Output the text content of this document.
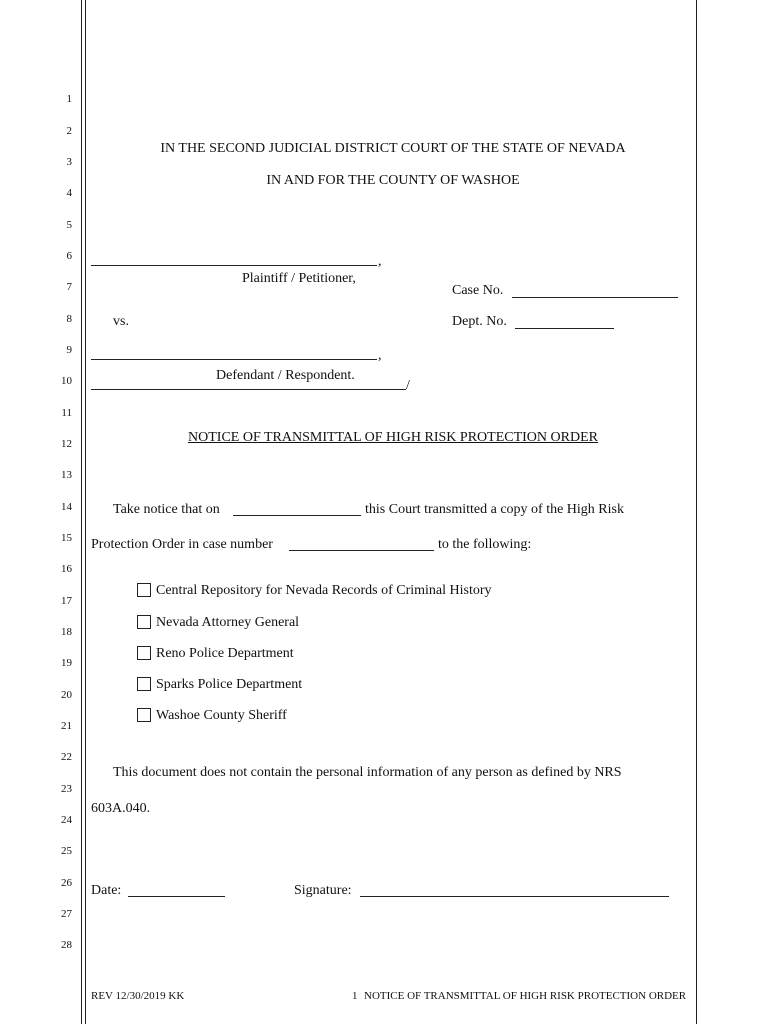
1
2
3
4
5
6
7
8
9
10
11
12
13
14
15
16
17
18
19
20
21
22
23
24
25
26
27
28
IN THE SECOND JUDICIAL DISTRICT COURT OF THE STATE OF NEVADA
IN AND FOR THE COUNTY OF WASHOE
,
Plaintiff / Petitioner,
Case No.
vs.	Dept. No.
,
Defendant / Respondent.
/
NOTICE OF TRANSMITTAL OF HIGH RISK PROTECTION ORDER
Take notice that on	this Court transmitted a copy of the High Risk
Protection Order in case number	to the following:
Central Repository for Nevada Records of Criminal History
Nevada Attorney General
Reno Police Department
Sparks Police Department
Washoe County Sheriff
This document does not contain the personal information of any person as defined by NRS
603A.040.
Date:	Signature:
REV 12/30/2019 KK	1 NOTICE OF TRANSMITTAL OF HIGH RISK PROTECTION ORDER
